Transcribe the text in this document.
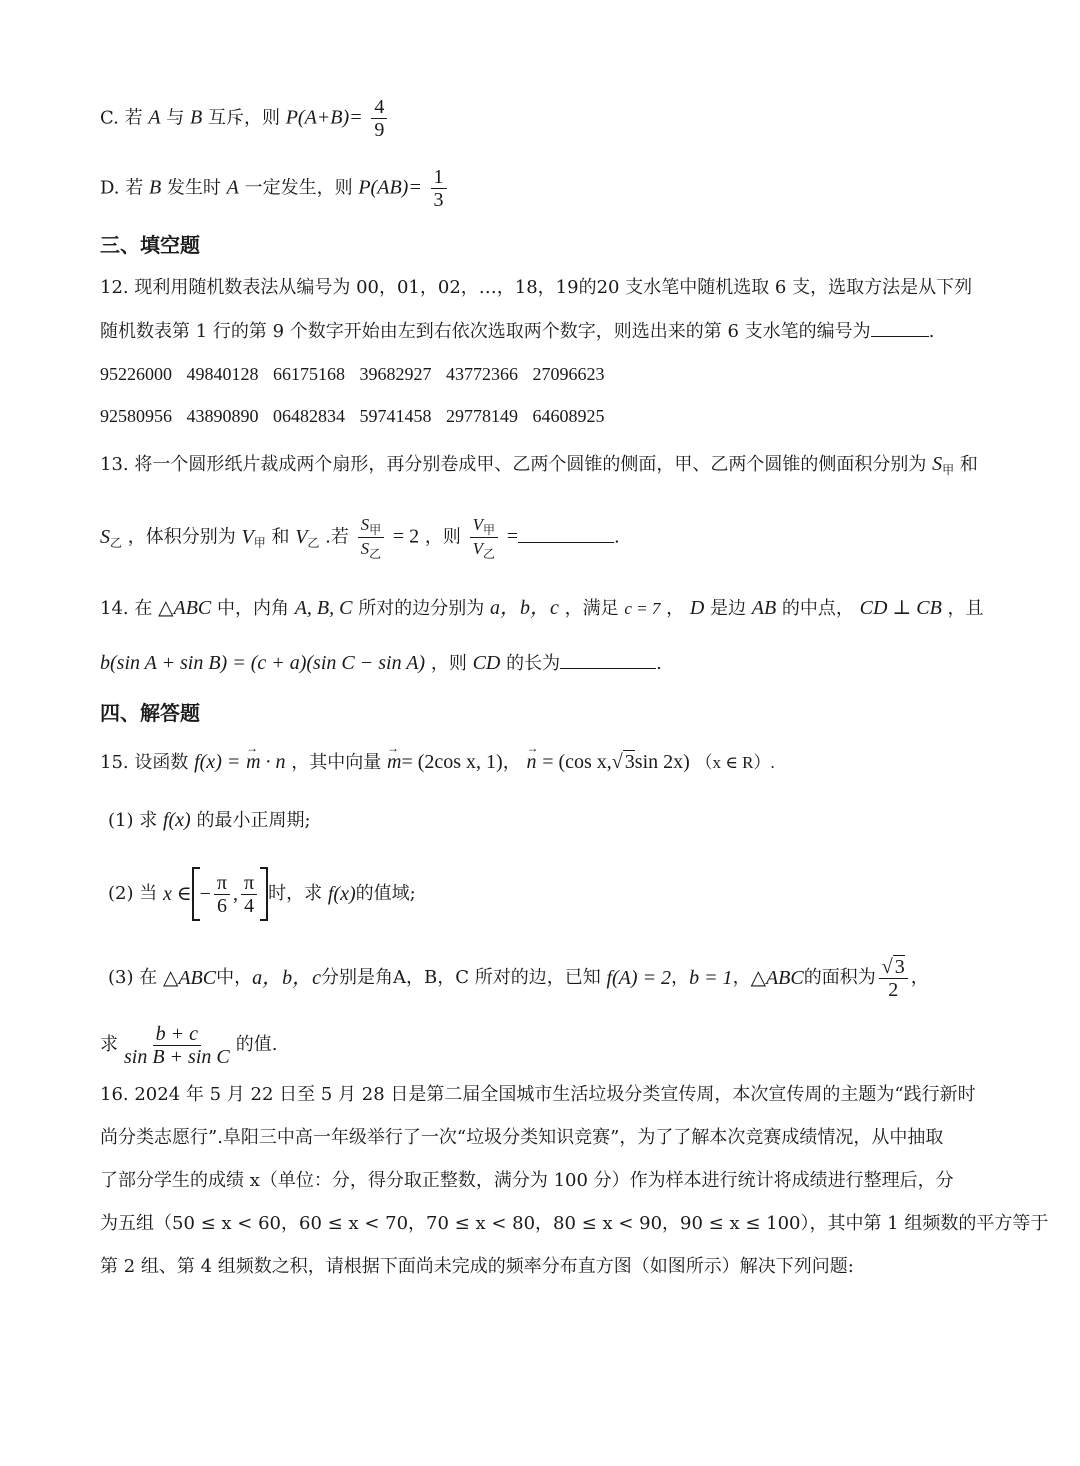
C. 若 A 与 B 互斥，则 $P(A+B)= \frac{4}{9}$
D. 若 B 发生时 A 一定发生，则 $P(AB)= \frac{1}{3}$
三、填空题
12. 现利用随机数表法从编号为 00，01，02，…，18，19的20 支水笔中随机选取 6 支，选取方法是从下列
随机数表第 1 行的第 9 个数字开始由左到右依次选取两个数字，则选出来的第 6 支水笔的编号为	.
95226000 49840128 66175168 39682927 43772366 27096623
92580956 43890890 06482834 59741458 29778149 64608925
13. 将一个圆形纸片裁成两个扇形，再分别卷成甲、乙两个圆锥的侧面，甲、乙两个圆锥的侧面积分别为 $S_甲$ 和
$S_乙$ ，体积分别为 $V_甲$ 和 $V_乙$ .若 $\frac{S_甲}{S_乙} = 2$ ，则 $\frac{V_甲}{V_乙}$ =	.
14. 在 △ABC 中，内角 A, B, C 所对的边分别为 a，b，c ，满足 c = 7 ， D 是边 AB 的中点， CD ⊥ CB ，且
b(sin A + sin B) = (c + a)(sin C − sin A) ，则 CD 的长为	.
四、解答题
15. 设函数 f(x) = → m · n ，其中向量 → m= (2cos x, 1)， → n = (cos x,√ 3sin 2x) （x ∈ R）.
(1) 求 f(x) 的最小正周期;
(2) 当
x ∈ − $\frac{\pi}{6}$ , $\frac{\pi}{4}$ 时，求
f(x) 的值域;
(3) 在
△ABC 中， a，b，c 分别是角A，B，C 所对的边，已知
f(A) = 2 ， b = 1 ， △ABC 的面积为 $\frac{√ 3}{2}$ ，
求 $\frac{b + c}{\text{sin B + sin C}}$ 的值.
16. 2024 年 5 月 22 日至 5 月 28 日是第二届全国城市生活垃圾分类宣传周，本次宣传周的主题为“践行新时
尚分类志愿行”.阜阳三中高一年级举行了一次“垃圾分类知识竞赛”，为了了解本次竞赛成绩情况，从中抽取
了部分学生的成绩 x（单位：分，得分取正整数，满分为 100 分）作为样本进行统计将成绩进行整理后，分
为五组（50 ≤ x < 60，60 ≤ x < 70，70 ≤ x < 80，80 ≤ x < 90，90 ≤ x ≤ 100），其中第 1 组频数的平方等于
第 2 组、第 4 组频数之积，请根据下面尚未完成的频率分布直方图（如图所示）解决下列问题:
